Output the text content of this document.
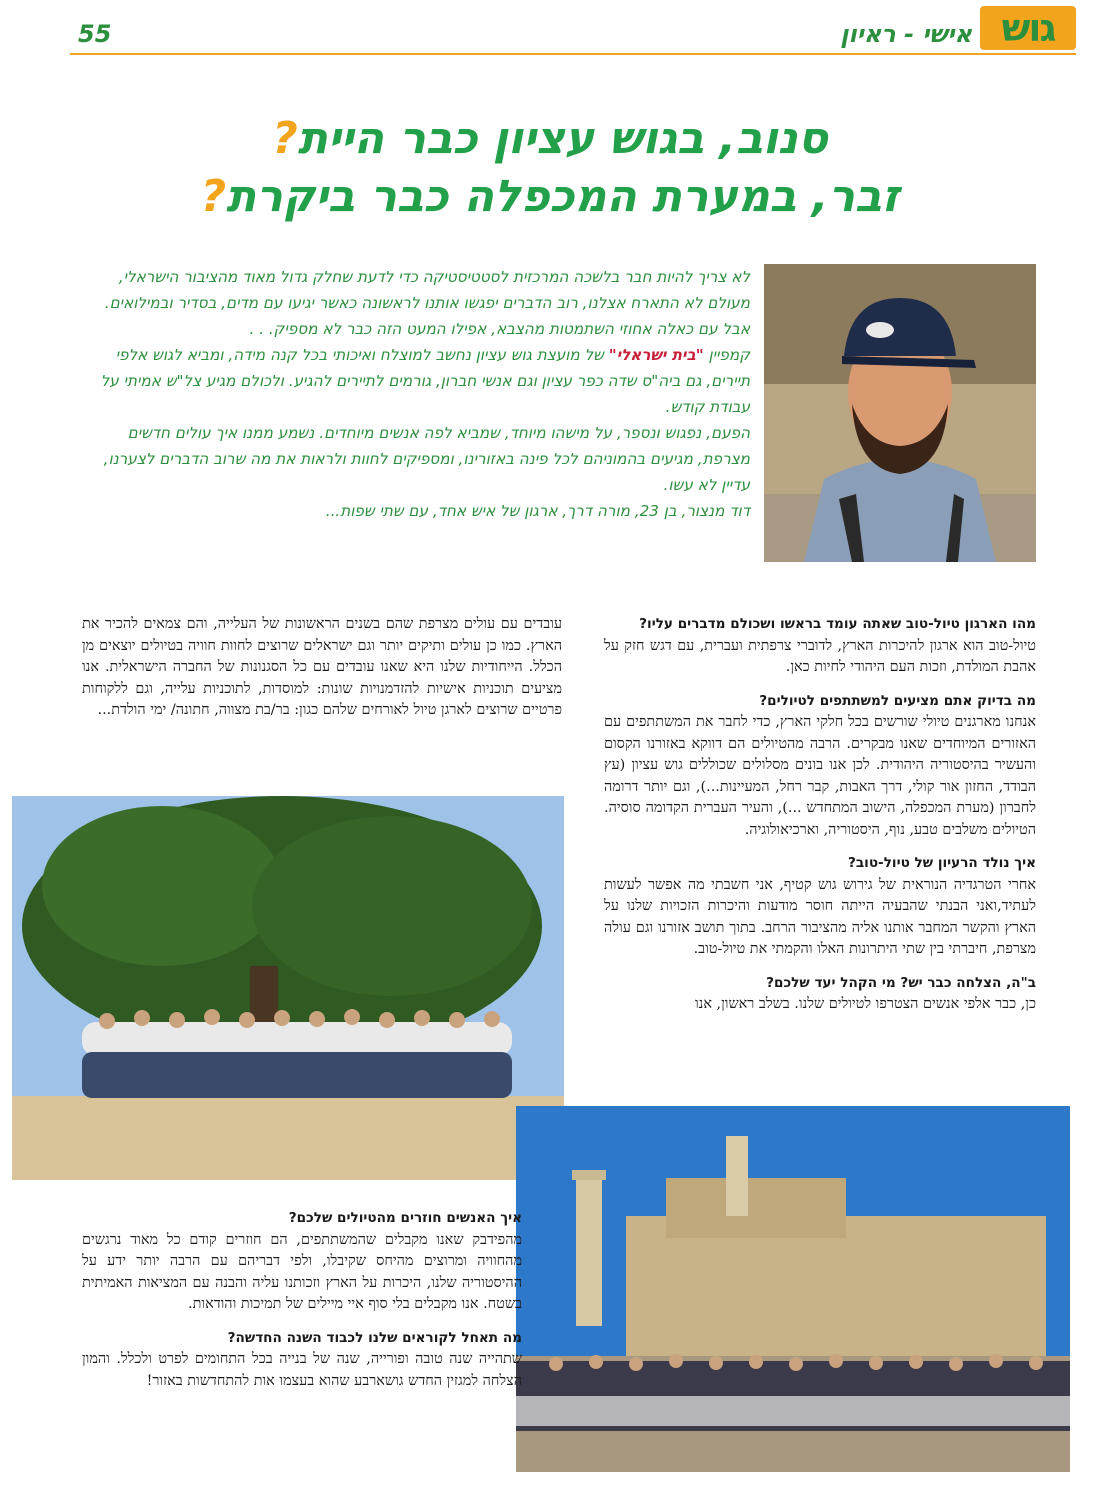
גוש
אישי - ראיון
55
סנוב, בגוש עציון כבר היית?
זבר, במערת המכפלה כבר ביקרת?

לא צריך להיות חבר בלשכה המרכזית לסטטיסטיקה כדי לדעת שחלק גדול מאוד מהציבור הישראלי, מעולם לא התארח אצלנו, רוב הדברים יפגשו אותנו לראשונה כאשר יגיעו עם מדים, בסדיר ובמילואים. אבל עם כאלה אחוזי השתמטות מהצבא, אפילו המעט הזה כבר לא מספיק. . .

קמפיין "בית ישראלי" של מועצת גוש עציון נחשב למוצלח ואיכותי בכל קנה מידה, ומביא לגוש אלפי תיירים, גם ביה"ס שדה כפר עציון וגם אנשי חברון, גורמים לתיירים להגיע. ולכולם מגיע צל"ש אמיתי על עבודת קודש.

הפעם, נפגוש ונספר, על מישהו מיוחד, שמביא לפה אנשים מיוחדים. נשמע ממנו איך עולים חדשים מצרפת, מגיעים בהמוניהם לכל פינה באזורינו, ומספיקים לחוות ולראות את מה שרוב הדברים לצערנו, עדיין לא עשו.

דוד מנצור, בן 23, מורה דרך, ארגון של איש אחד, עם שתי שפות...

מהו הארגון טיול-טוב שאתה עומד בראשו ושכולם מדברים עליו?
טיול-טוב הוא ארגון להיכרות הארץ, לדוברי צרפתית ועברית, עם דגש חזק על אהבת המולדת, וזכות העם היהודי לחיות כאן.
מה בדיוק אתם מציעים למשתתפים לטיולים?
אנחנו מארגנים טיולי שורשים בכל חלקי הארץ, כדי לחבר את המשתתפים עם האזורים המיוחדים שאנו מבקרים. הרבה מהטיולים הם דווקא באזורנו הקסום והעשיר בהיסטוריה היהודית. לכן אנו בונים מסלולים שכוללים גוש עציון (עץ הבודד, החזון אור קולי, דרך האבות, קבר רחל, המעיינות...), וגם יותר דרומה לחברון (מערת המכפלה, הישוב המתחדש ...), והעיר העברית הקדומה סוסיה. הטיולים משלבים טבע, נוף, היסטוריה, וארכיאולוגיה.
איך נולד הרעיון של טיול-טוב?
אחרי הטרגדיה הנוראית של גירוש גוש קטיף, אני חשבתי מה אפשר לעשות לעתיד,ואני הבנתי שהבעיה הייתה חוסר מודעות והיכרות הזכויות שלנו על הארץ והקשר המחבר אותנו אליה מהציבור הרחב. בתוך תושב אזורנו וגם עולה מצרפת, חיברתי בין שתי היתרונות האלו והקמתי את טיול-טוב.
ב"ה, הצלחה כבר יש? מי הקהל יעד שלכם?
כן, כבר אלפי אנשים הצטרפו לטיולים שלנו. בשלב ראשון, אנו
עובדים עם עולים מצרפת שהם בשנים הראשונות של העלייה, והם צמאים להכיר את הארץ. כמו כן עולים ותיקים יותר וגם ישראלים שרוצים לחוות חוויה בטיולים יוצאים מן הכלל. הייחודיות שלנו היא שאנו עובדים עם כל הסגנונות של החברה הישראלית. אנו מציעים תוכניות אישיות להזדמנויות שונות: למוסדות, לתוכניות עלייה, וגם ללקוחות פרטיים שרוצים לארגן טיול לאורחים שלהם כגון: בר/בת מצווה, חתונה/ ימי הולדת...
איך האנשים חוזרים מהטיולים שלכם?
מהפידבק שאנו מקבלים שהמשתתפים, הם חוזרים קודם כל מאוד נרגשים מהחוויה ומרוצים מהיחס שקיבלו, ולפי דבריהם עם הרבה יותר ידע על ההיסטוריה שלנו, היכרות על הארץ וזכותנו עליה והבנה עם המציאות האמיתית בשטח. אנו מקבלים בלי סוף איי מיילים של תמיכות והודאות.
מה תאחל לקוראים שלנו לכבוד השנה החדשה?
שתהייה שנה טובה ופורייה, שנה של בנייה בכל התחומים לפרט ולכלל. והמון הצלחה למגזין החדש גושארבע שהוא בעצמו אות להתחדשות באזור!
